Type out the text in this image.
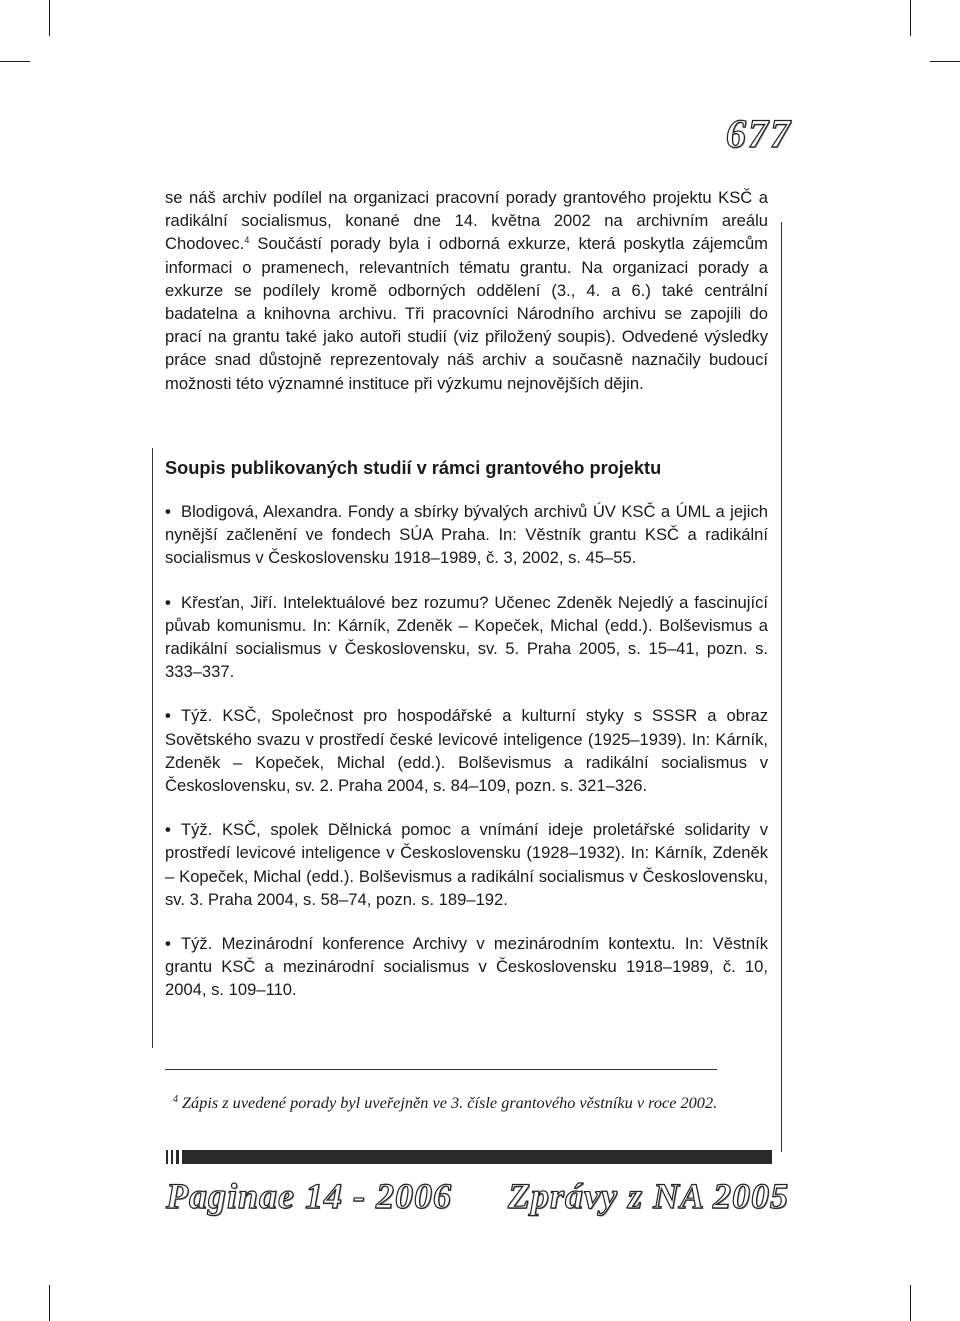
677

se náš archiv podílel na organizaci pracovní porady grantového projektu KSČ a radikální socialismus, konané dne 14. května 2002 na archivním areálu Chodovec.$^4$ Součástí porady byla i odborná exkurze, která poskytla zájemcům informaci o pramenech, relevantních tématu grantu. Na organizaci porady a exkurze se podílely kromě odborných oddělení (3., 4. a 6.) také centrální badatelna a knihovna archivu. Tři pracovníci Národního archivu se zapojili do prací na grantu také jako autoři studií (viz přiložený soupis). Odvedené výsledky práce snad důstojně reprezentovaly náš archiv a současně naznačily budoucí možnosti této významné instituce při výzkumu nejnovějších dějin.

Soupis publikovaných studií v rámci grantového projektu
• Blodigová, Alexandra. Fondy a sbírky bývalých archivů ÚV KSČ a ÚML a jejich nynější začlenění ve fondech SÚA Praha. In: Věstník grantu KSČ a radikální socialismus v Československu 1918–1989, č. 3, 2002, s. 45–55.
• Křesťan, Jiří. Intelektuálové bez rozumu? Učenec Zdeněk Nejedlý a fascinující půvab komunismu. In: Kárník, Zdeněk – Kopeček, Michal (edd.). Bolševismus a radikální socialismus v Československu, sv. 5. Praha 2005, s. 15–41, pozn. s. 333–337.
• Týž. KSČ, Společnost pro hospodářské a kulturní styky s SSSR a obraz Sovětského svazu v prostředí české levicové inteligence (1925–1939). In: Kárník, Zdeněk – Kopeček, Michal (edd.). Bolševismus a radikální socialismus v Československu, sv. 2. Praha 2004, s. 84–109, pozn. s. 321–326.
• Týž. KSČ, spolek Dělnická pomoc a vnímání ideje proletářské solidarity v prostředí levicové inteligence v Československu (1928–1932). In: Kárník, Zdeněk – Kopeček, Michal (edd.). Bolševismus a radikální socialismus v Československu, sv. 3. Praha 2004, s. 58–74, pozn. s. 189–192.
• Týž. Mezinárodní konference Archivy v mezinárodním kontextu. In: Věstník grantu KSČ a mezinárodní socialismus v Československu 1918–1989, č. 10, 2004, s. 109–110.

$^4$ Zápis z uvedené porady byl uveřejněn ve 3. čísle grantového věstníku v roce 2002.

Paginae 14 - 2006 Zprávy z NA 2005
